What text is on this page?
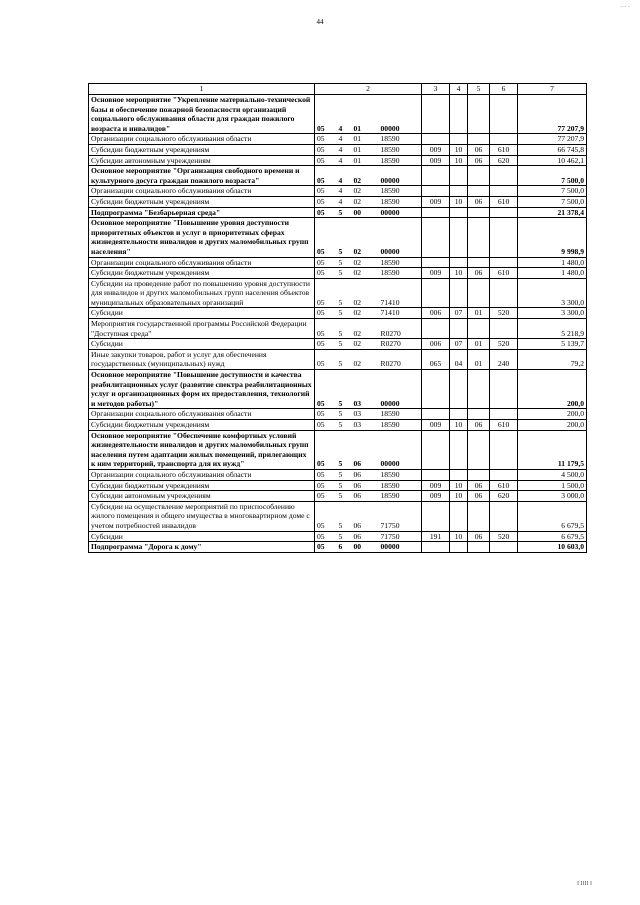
- - -
44
1	2				3	4	5	6	7
Основное мероприятие "Укрепление материально-технической базы и обеспечение пожарной безопасности организаций социального обслуживания области для граждан пожилого возраста и инвалидов"	05	4	01	00000					77 207,9
Организации социального обслуживания области	05	4	01	18590					77 207,9
Субсидии бюджетным учреждениям	05	4	01	18590	009	10	06	610	66 745,8
Субсидии автономным учреждениям	05	4	01	18590	009	10	06	620	10 462,1
Основное мероприятие "Организация свободного времени и культурного досуга граждан пожилого возраста"	05	4	02	00000					7 500,0
Организации социального обслуживания области	05	4	02	18590					7 500,0
Субсидии бюджетным учреждениям	05	4	02	18590	009	10	06	610	7 500,0
Подпрограмма "Безбарьерная среда"	05	5	00	00000					21 378,4
Основное мероприятие "Повышение уровня доступности приоритетных объектов и услуг в приоритетных сферах жизнедеятельности инвалидов и других маломобильных групп населения"	05	5	02	00000					9 998,9
Организации социального обслуживания области	05	5	02	18590					1 480,0
Субсидии бюджетным учреждениям	05	5	02	18590	009	10	06	610	1 480,0
Субсидии на проведение работ по повышению уровня доступности для инвалидов и других маломобильных групп населения объектов муниципальных образовательных организаций	05	5	02	71410					3 300,0
Субсидии	05	5	02	71410	006	07	01	520	3 300,0
Мероприятия государственной программы Российской Федерации "Доступная среда"	05	5	02	R0270					5 218,9
Субсидии	05	5	02	R0270	006	07	01	520	5 139,7
Иные закупки товаров, работ и услуг для обеспечения государственных (муниципальных) нужд	05	5	02	R0270	065	04	01	240	79,2
Основное мероприятие "Повышение доступности и качества реабилитационных услуг (развитие спектра реабилитационных услуг и организационных форм их предоставления, технологий и методов работы)"	05	5	03	00000					200,0
Организации социального обслуживания области	05	5	03	18590					200,0
Субсидии бюджетным учреждениям	05	5	03	18590	009	10	06	610	200,0
Основное мероприятие "Обеспечение комфортных условий жизнедеятельности инвалидов и других маломобильных групп населения путем адаптации жилых помещений, прилегающих к ним территорий, транспорта для их нужд"	05	5	06	00000					11 179,5
Организации социального обслуживания области	05	5	06	18590					4 500,0
Субсидии бюджетным учреждениям	05	5	06	18590	009	10	06	610	1 500,0
Субсидии автономным учреждениям	05	5	06	18590	009	10	06	620	3 000,0
Субсидии на осуществление мероприятий по приспособлению жилого помещения и общего имущества в многоквартирном доме с учетом потребностей инвалидов	05	5	06	71750					6 679,5
Субсидии	05	5	06	71750	191	10	06	520	6 679,5
Подпрограмма "Дорога к дому"	05	6	00	00000					10 603,0
I IIII I
